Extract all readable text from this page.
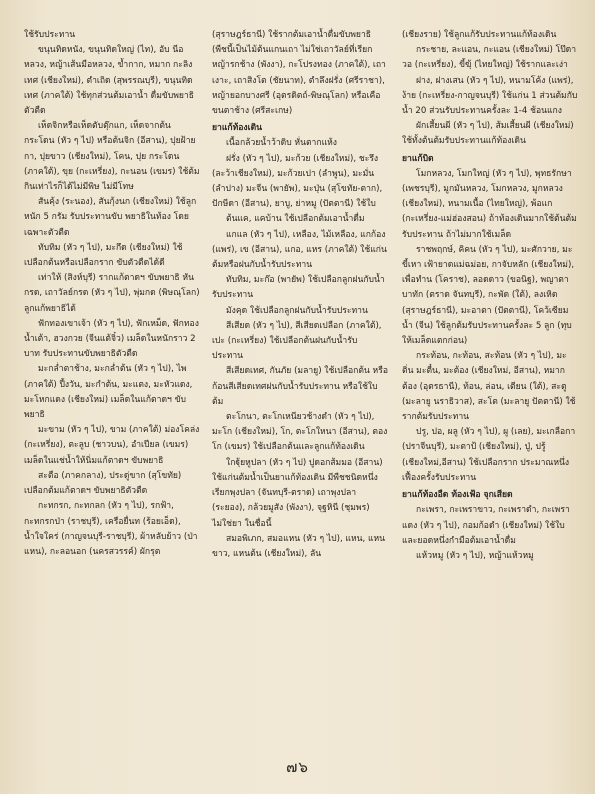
ใช้รับประทาน

ขนุนทิดหนัง, ขนุนทิดใหญ่ (ไท), อับ นีอหลวง, หญ้าเส้นมือหลวง, ข้ำกาก, หมาก กะลิงเทศ (เชียงใหม่), ตำเถิด (สุพรรณบุรี), ขนุนทิดเทศ (ภาคใต้) ใช้ทุกส่วนต้มเอาน้ำ ดื่มขับพยาธิตัวตืด

เห็ดจิกหรือเห็ดตับตุ๊กแก, เห็ดจากต้น กระโดน (หัว ๆ ไป) หรือต้นจิก (อีสาน), ปุยฝ้ายกา, ปุยขาว (เชียงใหม่), โคน, ปุย กระโดน (ภาคใต้), ขุย (กะเหรี่ยง), กะนอน (เขมร) ใช้ต้มกินเท่าไรก็ได้ไม่มีพิษ ไม่มีโทษ

สันคุ้ง (ระนอง), สันกุ้งนก (เชียงใหม่) ใช้ลูกหนัก 5 กรัม รับประทานขับ พยาธิในท้อง โดยเฉพาะตัวตืด

ทับทิม (หัว ๆ ไป), มะกึด (เชียงใหม่) ใช้เปลือกต้นหรือเปลือกราก ขับตัวตืดได้ดี

เท่าให้ (สิงห์บุรี) รากแก้ตาดฯ ขับพยาธิ หันกรด, เถาวัลย์กรด (หัว ๆ ไป), พุ่มกด (พิษณุโลก) ลูกแก้พยาธิได้

ฟักทองเขาเจ้า (หัว ๆ ไป), ฟักเหม็ด, ฟักทองน้ำเต้า, ฮวงกวย (จีนแต้จิ๋ว) เมล็ดในหนักราว 2 บาท รับประทานขับพยาธิตัวตืด

มะกล่ำตาช้าง, มะกล่ำต้น (หัว ๆ ไป), ไพ (ภาคใต้) ปี้งวัน, มะกำต้น, มะแตง, มะหัวแดง, มะโหกแดง (เชียงใหม่) เมล็ดในแก้ตาดฯ ขับพยาธิ

มะขาม (หัว ๆ ไป), ขาม (ภาคใต้) ม่องโคล่ง (กะเหรี่ยง), ตะลูบ (ชาวบน), อำเปียล (เขมร) เมล็ดในแช่น้ำให้นิ่มแก้ตาดฯ ขับพยาธิ

สะตือ (ภาคกลาง), ประดู่ขาก (สุโขทัย) เปลือกต้มแก้ตาดฯ ขับพยาธิตัวตืด

กะทกรก, กะทกลก (หัว ๆ ไป), รกฟ้า, กะทกรกป่า (ราชบุรี), เครือยื่นท (ร้อยเอ็ด), น้ำใจใคร่ (กาญจนบุรี-ราชบุรี), ผ้าหลับย้าว (ป่าแหน), กะลอนอก (นครสวรรค์) ผักรุต

(สุราษฎร์ธานี) ใช้รากต้มเอาน้ำดื่มขับพยาธิ

(พืชนี้เป็นไม้ต้นแกนเถา ไม่ใช่เถาวัลย์ที่เรียก หญ้ารกช้าง (พังงา), กะโปรงทอง (ภาคใต้), เถาเงาะ, เถาสิงโต (ชัยนาท), ตำลึงฝรั่ง (ศรีราชา), หญ้ายอกบางศรี (อุตรดิตถ์-พิษณุโลก) หรือเคือขนตาช้าง (ศรีสะเกษ)

ยาแก้ท้องเดิน

เนื้อกล้วยน้ำว้าดิบ หั่นตากแห้ง

ฝรั่ง (หัว ๆ ไป), มะก้วย (เชียงใหม่), ชะรึง (ละว้าเชียงใหม่), มะก้วยเปา (ลำพูน), มะมั่น (ลำปาง) มะจีน (พายัพ), มะปุ่น (สุโขทัย-ตาก), ปักษีดา (อีสาน), ยาบู, ย่าหมู (ปัตตานี) ใช้ใบ

ต้นแค, แคบ้าน ใช้เปลือกต้มเอาน้ำดื่ม

แกแล (หัว ๆ ไป), เหลือง, ไม้เหลือง, แกก้อง (แพร่), เข (อีสาน), แกอ, แหร (ภาคใต้) ใช้แก่นต้มหรือฝนกับน้ำรับประทาน

ทับทิม, มะก๊อ (พายัพ) ใช้เปลือกลูกฝนกับน้ำรับประทาน

มังคุด ใช้เปลือกลูกฝนกับน้ำรับประทาน

สีเสียด (หัว ๆ ไป), สีเสียดเปลือก (ภาคใต้), เปะ (กะเหรี่ยง) ใช้เปลือกต้นฝนกับน้ำรับประทาน

สีเสียดเทศ, กันภัย (มลายู) ใช้เปลือกต้น หรือก้อนสีเสียดเทศฝนกับน้ำรับประทาน หรือใช้ใบต้ม

ตะโกนา, ตะโกเหนียวช้างดำ (หัว ๆ ไป), มะโก (เชียงใหม่), โก, ตะโกใหนา (อีสาน), ตองโก (เขมร) ใช้เปลือกต้นและลูกแก้ท้องเดิน

ใกฐุ้ยหูปลา (หัว ๆ ไป) ปูดอกส้มมอ (อีสาน) ใช้แก่นต้มน้ำเป็นยาแก้ท้องเดิน มีพืชชนิดหนึ่ง เรียกพุงปลา (จันทบุรี-ตราด) เถาพุงปลา (ระยอง), กล้วยมูสัง (พังงา), จุฐหินี (ชุมพร) ไม่ใช่ยา ในชื่อนี้

สมอพิเภก, สมอแหน (หัว ๆ ไป), แหน, แหนขาว, แหนต้น (เชียงใหม่), ลัน

(เชียงราย) ใช้ลูกแก้รับประทานแก้ท้องเดิน

กระชาย, ละแอน, กะแอน (เชียงใหม่) โป๊ดาวอ (กะเหรี่ยง), ขี้ฆุ้ (ไทยใหญ่) ใช้รากและเง่า

ฝาง, ฝางเสน (หัว ๆ ไป), หนามโค้ง (แพร่), ง้าย (กะเหรี่ยง-กาญจนบุรี) ใช้แก่น 1 ส่วนต้มกับน้ำ 20 ส่วนรับประทานครั้งละ 1-4 ช้อนแกง

ผักเสี้ยนผี (หัว ๆ ไป), ส้มเสี้ยนผี (เชียงใหม่) ใช้ทั้งต้นต้มรับประทานแก้ท้องเดิน

ยาแก้บิด

โมกหลวง, โมกใหญ่ (หัว ๆ ไป), พุทธรักษา (เพชรบุรี), มูกมันหลวง, โมกหลวง, มูกหลวง (เชียงใหม่), หนามเนื้อ (ไทยใหญ่), พ้อแก (กะเหรี่ยง-แม่ฮ่องสอน) ถ้าท้องเดินมากใช้ต้นต้มรับประทาน ถ้าไม่มากใช้เมล็ด

ราชพฤกษ์, คิคน (หัว ๆ ไป), มะศักวาย, มะขี้เหา เฟ้ายาดแม่ฉม่อย, กาจับหลัก (เชียงใหม่), เพื่อทำน (โคราช), ลอดดาว (ขอนิฐ), พญาตาบาทัก (ตราด จันทบุรี), กะพัด (ใต้), ลงเหิด (สุราษฎร์ธานี), มะอาตา (ปัตตานี), โคว้เซียมน้ำ (จีน) ใช้ลูกต้มรับประทานครั้งละ 5 ลูก (ทุบให้เมล็ดแตกก่อน)

กระท้อน, กะท้อน, สะท้อน (หัว ๆ ไป), มะติ่น มะตื๋น, มะต้อง (เชียงใหม่, อีสาน), หมากต้อง (อุตรธานี), ท้อน, ล่อน, เตียน (ใต้), สะตู (มะลายู นราธิวาส), สะโต (มะลายู ปัตตานี) ใช้รากต้มรับประทาน

ปรู, ปอ, ผลู (หัว ๆ ไป), ผู (เลย), มะเกลือกา (ปราจีนบุรี), มะตาป้ (เชียงใหม่), ปู่, ปรู้ (เชียงใหม่,อีสาน) ใช้เปลือกราก ประมาณหนึ่งเฟื้องครั้งรับประทาน

ยาแก้ท้องอืด ท้องเฟ้อ จุกเสียด

กะเพรา, กะเพราขาว, กะเพราดำ, กะเพราแดง (หัว ๆ ไป), กอมก้อดำ (เชียงใหม่) ใช้ใบและยอดหนึ่งกำมือต้มเอาน้ำดื่ม

แห้วหมู (หัว ๆ ไป), หญ้าแห้วหมู

๗๖
